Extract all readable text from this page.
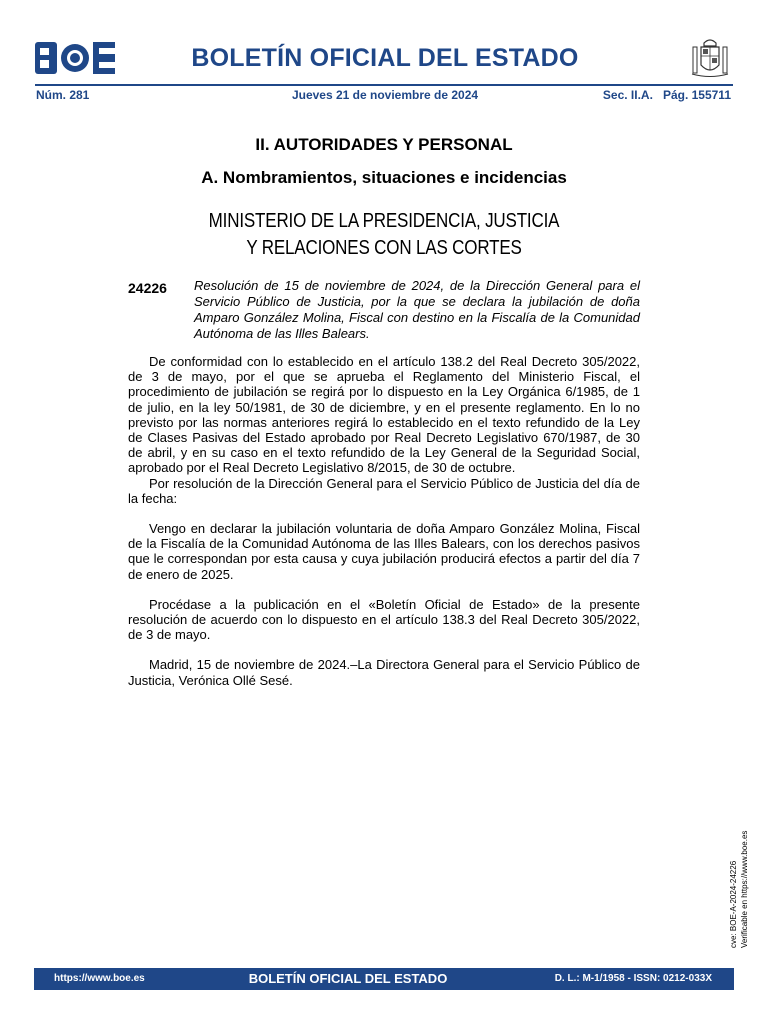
BOLETÍN OFICIAL DEL ESTADO
Núm. 281	Jueves 21 de noviembre de 2024	Sec. II.A. Pág. 155711
II. AUTORIDADES Y PERSONAL
A. Nombramientos, situaciones e incidencias
MINISTERIO DE LA PRESIDENCIA, JUSTICIA
Y RELACIONES CON LAS CORTES
24226 Resolución de 15 de noviembre de 2024, de la Dirección General para el Servicio Público de Justicia, por la que se declara la jubilación de doña Amparo González Molina, Fiscal con destino en la Fiscalía de la Comunidad Autónoma de las Illes Balears.

De conformidad con lo establecido en el artículo 138.2 del Real Decreto 305/2022, de 3 de mayo, por el que se aprueba el Reglamento del Ministerio Fiscal, el procedimiento de jubilación se regirá por lo dispuesto en la Ley Orgánica 6/1985, de 1 de julio, en la ley 50/1981, de 30 de diciembre, y en el presente reglamento. En lo no previsto por las normas anteriores regirá lo establecido en el texto refundido de la Ley de Clases Pasivas del Estado aprobado por Real Decreto Legislativo 670/1987, de 30 de abril, y en su caso en el texto refundido de la Ley General de la Seguridad Social, aprobado por el Real Decreto Legislativo 8/2015, de 30 de octubre.

Por resolución de la Dirección General para el Servicio Público de Justicia del día de la fecha:

Vengo en declarar la jubilación voluntaria de doña Amparo González Molina, Fiscal de la Fiscalía de la Comunidad Autónoma de las Illes Balears, con los derechos pasivos que le correspondan por esta causa y cuya jubilación producirá efectos a partir del día 7 de enero de 2025.

Procédase a la publicación en el «Boletín Oficial de Estado» de la presente resolución de acuerdo con lo dispuesto en el artículo 138.3 del Real Decreto 305/2022, de 3 de mayo.

Madrid, 15 de noviembre de 2024.–La Directora General para el Servicio Público de Justicia, Verónica Ollé Sesé.

cve: BOE-A-2024-24226 Verificable en https://www.boe.es
https://www.boe.es	BOLETÍN OFICIAL DEL ESTADO	D. L.: M-1/1958 - ISSN: 0212-033X
